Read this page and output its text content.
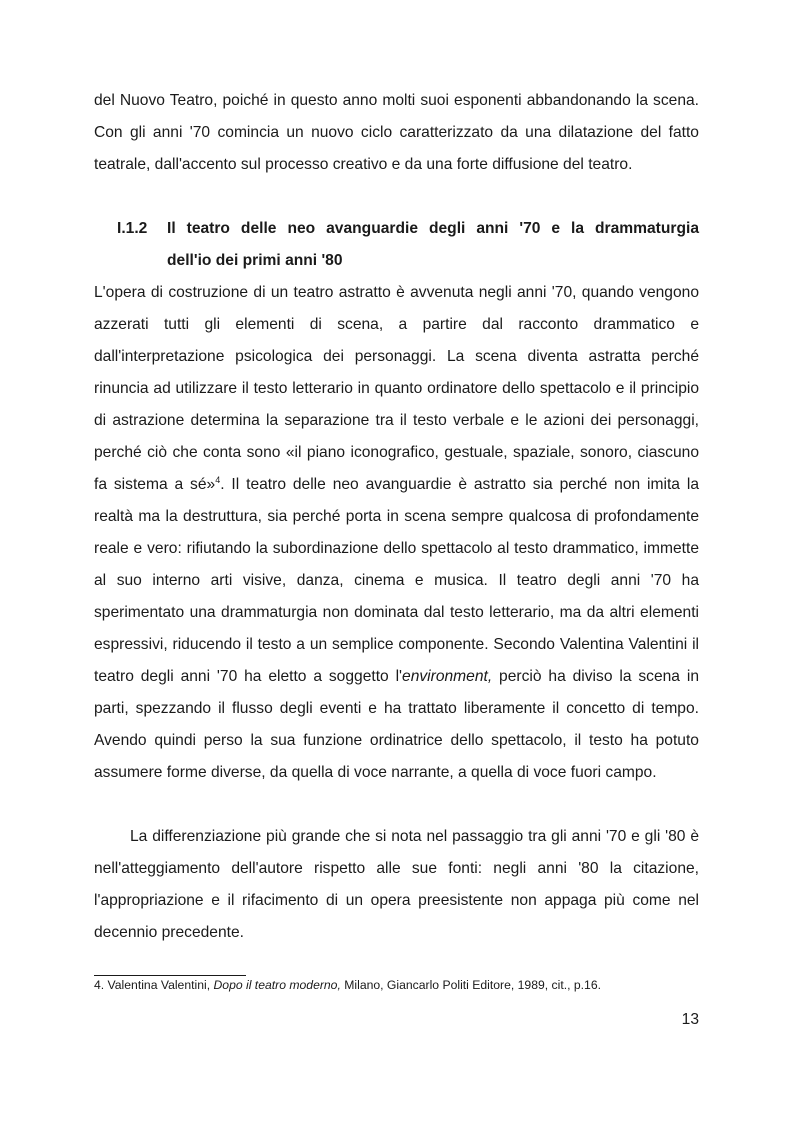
del Nuovo Teatro, poiché in questo anno molti suoi esponenti abbandonando la scena. Con gli anni '70 comincia un nuovo ciclo caratterizzato da una dilatazione del fatto teatrale, dall'accento sul processo creativo e da una forte diffusione del teatro.

I.1.2	Il teatro delle neo avanguardie degli anni '70 e la drammaturgia
dell'io dei primi anni '80

L'opera di costruzione di un teatro astratto è avvenuta negli anni '70, quando vengono azzerati tutti gli elementi di scena, a partire dal racconto drammatico e dall'interpretazione psicologica dei personaggi. La scena diventa astratta perché rinuncia ad utilizzare il testo letterario in quanto ordinatore dello spettacolo e il principio di astrazione determina la separazione tra il testo verbale e le azioni dei personaggi, perché ciò che conta sono «il piano iconografico, gestuale, spaziale, sonoro, ciascuno fa sistema a sé»$^4$. Il teatro delle neo avanguardie è astratto sia perché non imita la realtà ma la destruttura, sia perché porta in scena sempre qualcosa di profondamente reale e vero: rifiutando la subordinazione dello spettacolo al testo drammatico, immette al suo interno arti visive, danza, cinema e musica. Il teatro degli anni '70 ha sperimentato una drammaturgia non dominata dal testo letterario, ma da altri elementi espressivi, riducendo il testo a un semplice componente. Secondo Valentina Valentini il teatro degli anni '70 ha eletto a soggetto l'environment, perciò ha diviso la scena in parti, spezzando il flusso degli eventi e ha trattato liberamente il concetto di tempo. Avendo quindi perso la sua funzione ordinatrice dello spettacolo, il testo ha potuto assumere forme diverse, da quella di voce narrante, a quella di voce fuori campo.

La differenziazione più grande che si nota nel passaggio tra gli anni '70 e gli '80 è nell'atteggiamento dell'autore rispetto alle sue fonti: negli anni '80 la citazione, l'appropriazione e il rifacimento di un opera preesistente non appaga più come nel decennio precedente.

4. Valentina Valentini, Dopo il teatro moderno, Milano, Giancarlo Politi Editore, 1989, cit., p.16.
13
